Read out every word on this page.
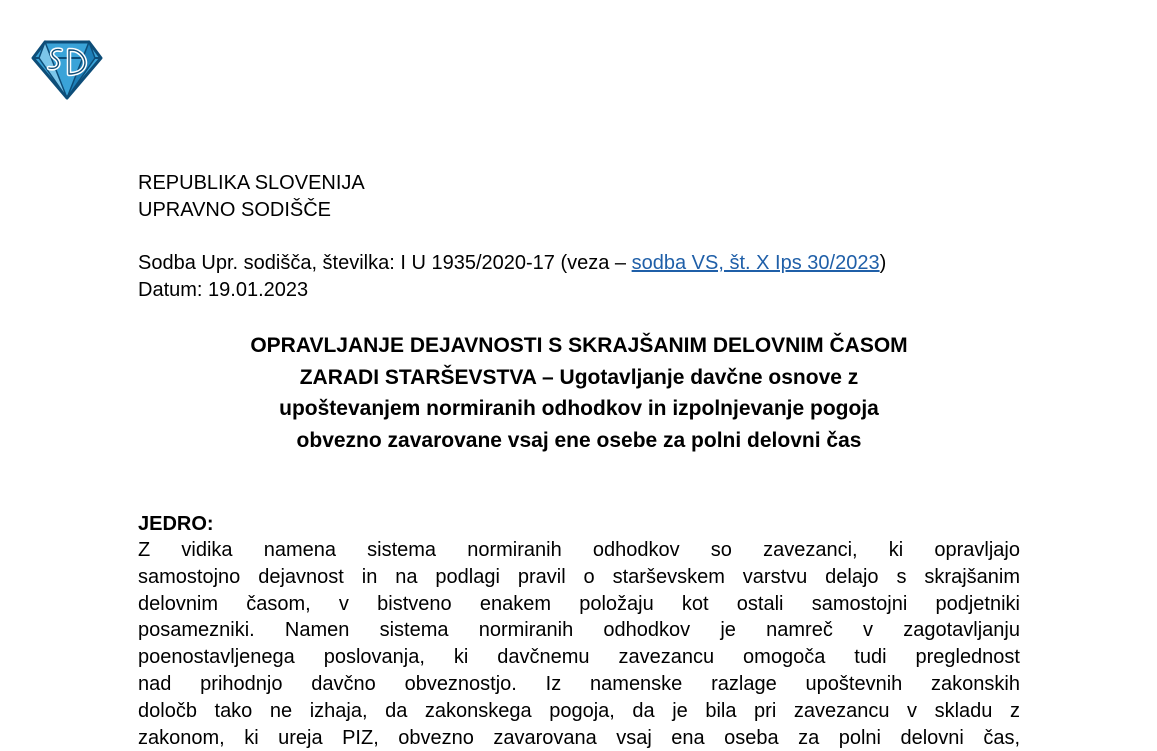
REPUBLIKA SLOVENIJA
UPRAVNO SODIŠČE
Sodba Upr. sodišča, številka: I U 1935/2020-17 (veza – sodba VS, št. X Ips 30/2023)
Datum: 19.01.2023
OPRAVLJANJE DEJAVNOSTI S SKRAJŠANIM DELOVNIM ČASOM
ZARADI STARŠEVSTVA – Ugotavljanje davčne osnove z
upoštevanjem normiranih odhodkov in izpolnjevanje pogoja
obvezno zavarovane vsaj ene osebe za polni delovni čas
JEDRO:
Z vidika namena sistema normiranih odhodkov so zavezanci, ki opravljajo
samostojno dejavnost in na podlagi pravil o starševskem varstvu delajo s skrajšanim
delovnim časom, v bistveno enakem položaju kot ostali samostojni podjetniki
posamezniki. Namen sistema normiranih odhodkov je namreč v zagotavljanju
poenostavljenega poslovanja, ki davčnemu zavezancu omogoča tudi preglednost
nad prihodnjo davčno obveznostjo. Iz namenske razlage upoštevnih zakonskih
določb tako ne izhaja, da zakonskega pogoja, da je bila pri zavezancu v skladu z
zakonom, ki ureja PIZ, obvezno zavarovana vsaj ena oseba za polni delovni čas,
